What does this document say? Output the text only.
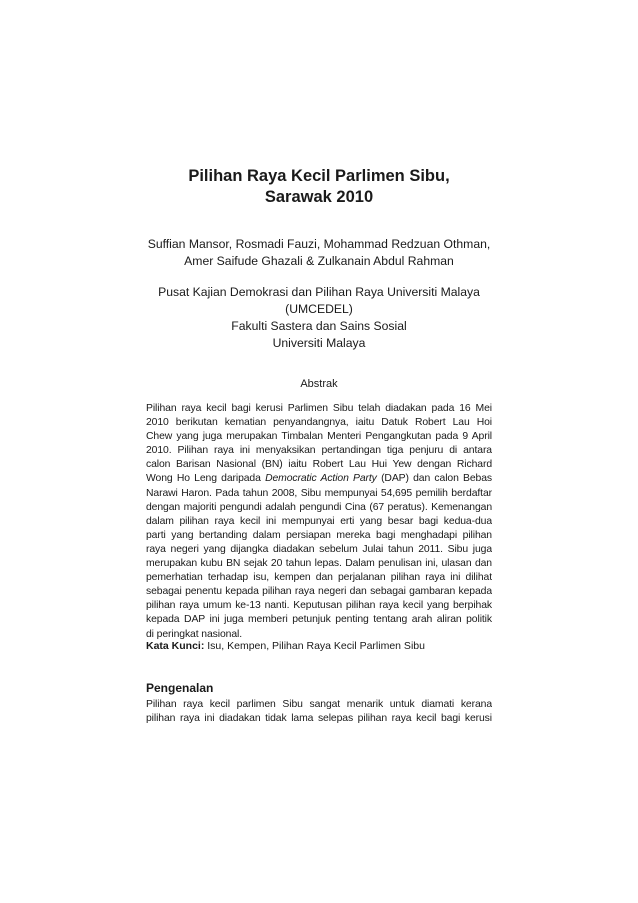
Pilihan Raya Kecil Parlimen Sibu,
Sarawak 2010
Suffian Mansor, Rosmadi Fauzi, Mohammad Redzuan Othman,
Amer Saifude Ghazali & Zulkanain Abdul Rahman
Pusat Kajian Demokrasi dan Pilihan Raya Universiti Malaya
(UMCEDEL)
Fakulti Sastera dan Sains Sosial
Universiti Malaya
Abstrak
Pilihan raya kecil bagi kerusi Parlimen Sibu telah diadakan pada 16 Mei
2010 berikutan kematian penyandangnya, iaitu Datuk Robert Lau Hoi
Chew yang juga merupakan Timbalan Menteri Pengangkutan pada 9 April
2010. Pilihan raya ini menyaksikan pertandingan tiga penjuru di antara
calon Barisan Nasional (BN) iaitu Robert Lau Hui Yew dengan Richard
Wong Ho Leng daripada Democratic Action Party (DAP) dan calon Bebas
Narawi Haron. Pada tahun 2008, Sibu mempunyai 54,695 pemilih berdaftar
dengan majoriti pengundi adalah pengundi Cina (67 peratus). Kemenangan
dalam pilihan raya kecil ini mempunyai erti yang besar bagi kedua-dua
parti yang bertanding dalam persiapan mereka bagi menghadapi pilihan
raya negeri yang dijangka diadakan sebelum Julai tahun 2011. Sibu juga
merupakan kubu BN sejak 20 tahun lepas. Dalam penulisan ini, ulasan dan
pemerhatian terhadap isu, kempen dan perjalanan pilihan raya ini dilihat
sebagai penentu kepada pilihan raya negeri dan sebagai gambaran kepada
pilihan raya umum ke-13 nanti. Keputusan pilihan raya kecil yang berpihak
kepada DAP ini juga memberi petunjuk penting tentang arah aliran politik
di peringkat nasional.
Kata Kunci: Isu, Kempen, Pilihan Raya Kecil Parlimen Sibu
Pengenalan
Pilihan raya kecil parlimen Sibu sangat menarik untuk diamati kerana
pilihan raya ini diadakan tidak lama selepas pilihan raya kecil bagi kerusi
